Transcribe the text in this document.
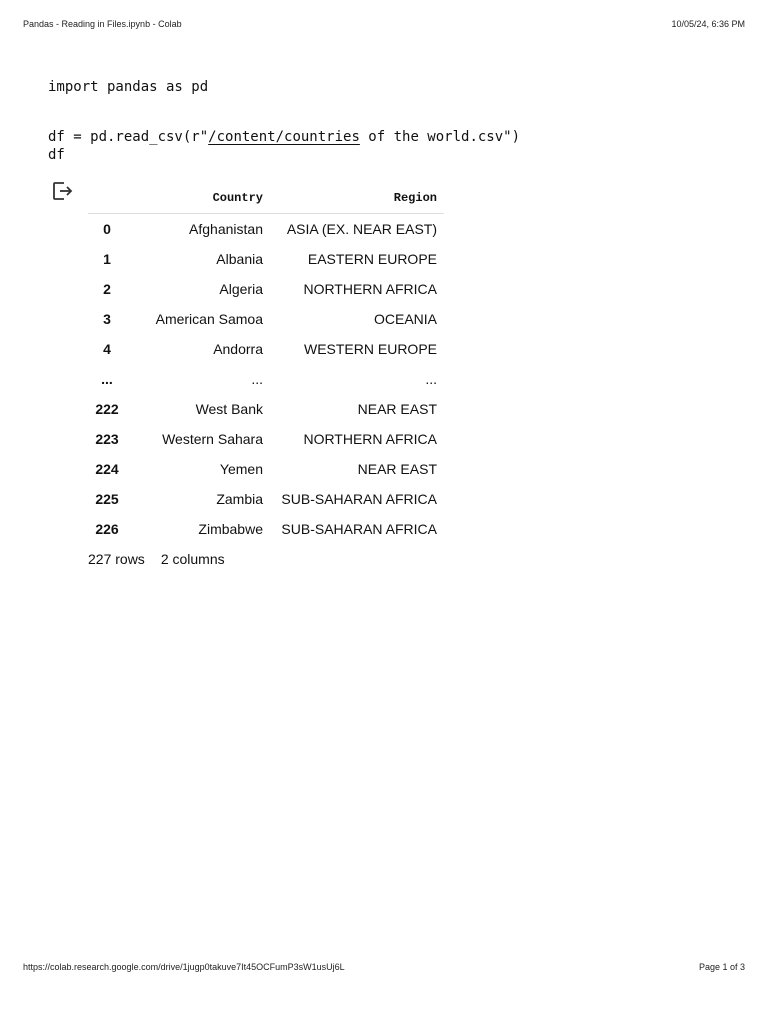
Pandas - Reading in Files.ipynb - Colab	10/05/24, 6:36 PM
import pandas as pd
df = pd.read_csv(r"/content/countries of the world.csv")
df
	Country	Region
0	Afghanistan	ASIA (EX. NEAR EAST)
1	Albania	EASTERN EUROPE
2	Algeria	NORTHERN AFRICA
3	American Samoa	OCEANIA
4	Andorra	WESTERN EUROPE
...	...	...
222	West Bank	NEAR EAST
223	Western Sahara	NORTHERN AFRICA
224	Yemen	NEAR EAST
225	Zambia	SUB-SAHARAN AFRICA
226	Zimbabwe	SUB-SAHARAN AFRICA
227 rows 2 columns
https://colab.research.google.com/drive/1jugp0takuve7It45OCFumP3sW1usUj6L	Page 1 of 3
